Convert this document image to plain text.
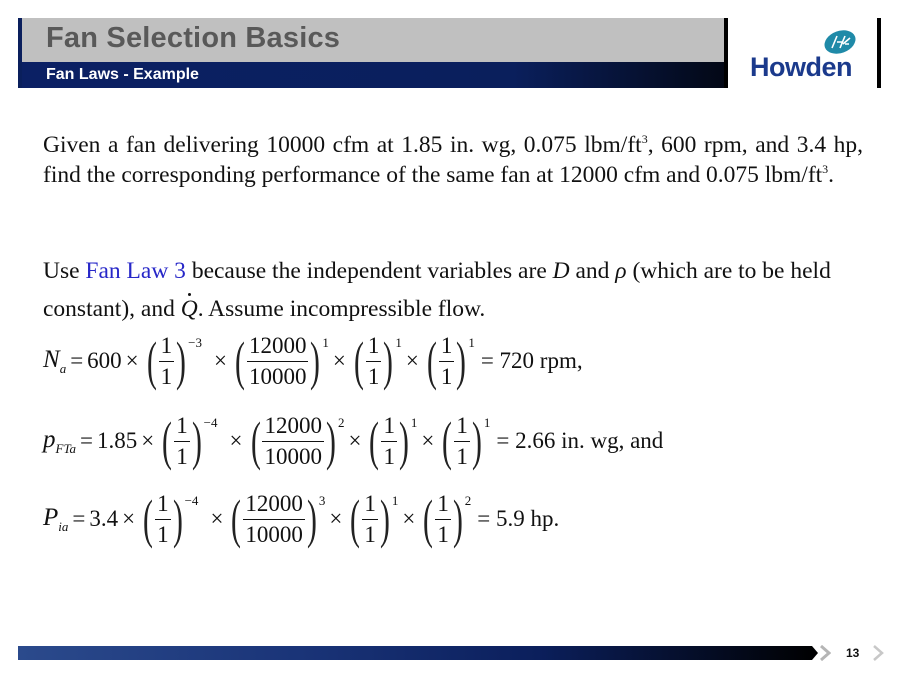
Fan Selection Basics
Fan Laws - Example	Howden

Given a fan delivering 10000 cfm at 1.85 in. wg, 0.075 lbm/$ft^3$, 600 rpm, and 3.4 hp, find the corresponding performance of the same fan at 12000 cfm and 0.075 lbm/$ft^3$.

Use Fan Law 3 because the independent variables are D and ρ (which are to be held constant), and Q. Assume incompressible flow.

$N_a = 600$ × ( $\frac{1}{1}$ ) −3
× ( $\frac{12000}{10000}$ ) 1
× ( $\frac{1}{1}$ ) 1
× ( $\frac{1}{1}$ ) 1
= 720 rpm,
$p_{FTa} = 1.85$ × ( $\frac{1}{1}$ ) −4
× ( $\frac{12000}{10000}$ ) 2
× ( $\frac{1}{1}$ ) 1
× ( $\frac{1}{1}$ ) 1
= 2.66 in. wg, and
$P_{ia} = 3.4$ × ( $\frac{1}{1}$ ) −4
× ( $\frac{12000}{10000}$ ) 3
× ( $\frac{1}{1}$ ) 1
× ( $\frac{1}{1}$ ) 2
= 5.9 hp.
13
